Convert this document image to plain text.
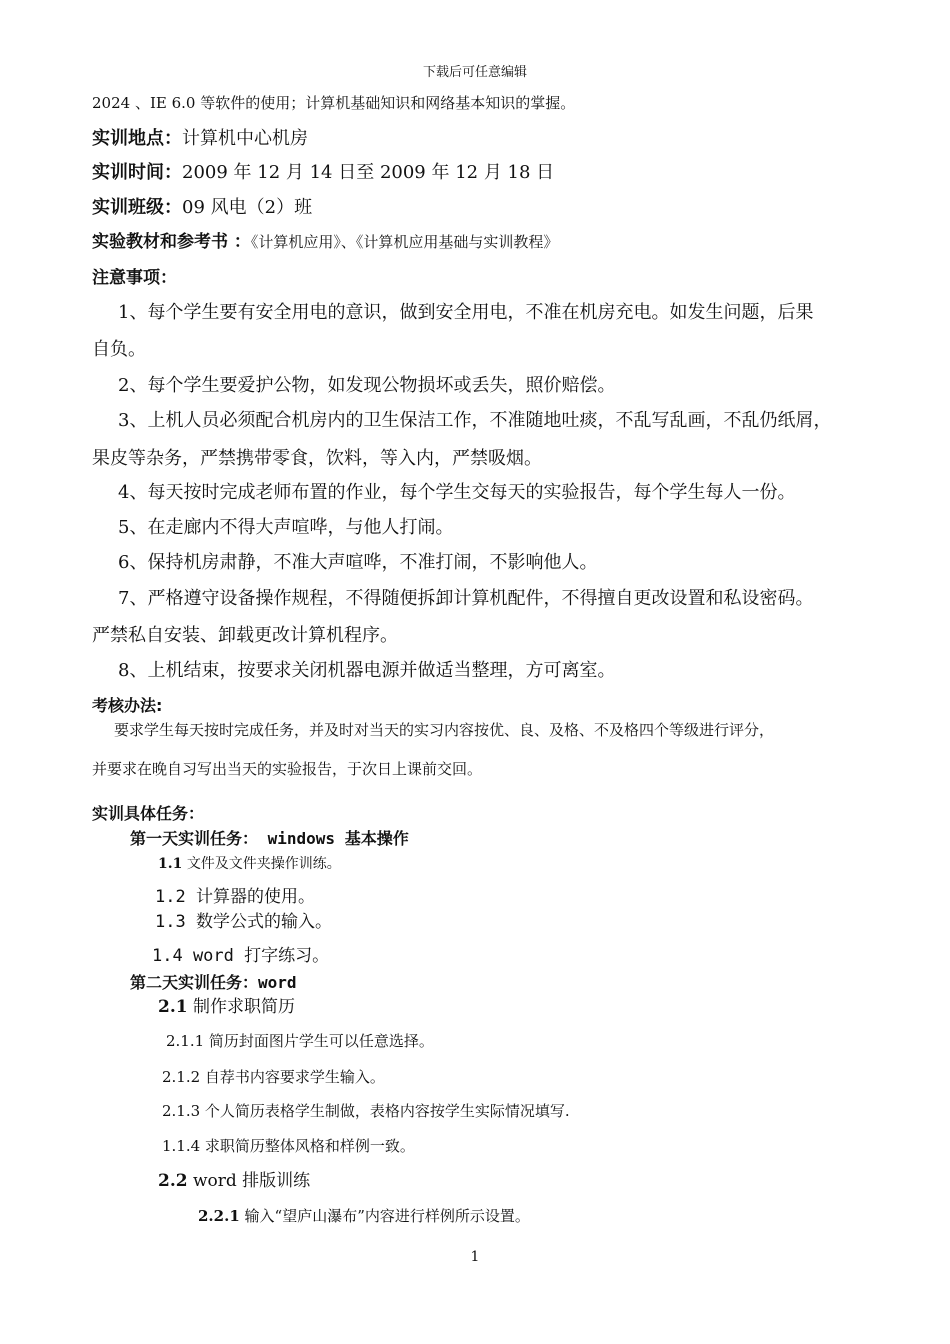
下载后可任意编辑
2024 、IE 6.0 等软件的使用；计算机基础知识和网络基本知识的掌握。
实训地点：计算机中心机房
实训时间：2009 年 12 月 14 日至 2009 年 12 月 18 日
实训班级：09 风电（2）班
实验教材和参考书 ：《计算机应用》、《计算机应用基础与实训教程》
注意事项：
1、每个学生要有安全用电的意识，做到安全用电，不准在机房充电。如发生问题，后果
自负。
2、每个学生要爱护公物，如发现公物损坏或丢失，照价赔偿。
3、上机人员必须配合机房内的卫生保洁工作，不准随地吐痰，不乱写乱画，不乱仍纸屑，
果皮等杂务，严禁携带零食，饮料，等入内，严禁吸烟。
4、每天按时完成老师布置的作业，每个学生交每天的实验报告，每个学生每人一份。
5、在走廊内不得大声喧哗，与他人打闹。
6、保持机房肃静，不准大声喧哗，不准打闹，不影响他人。
7、严格遵守设备操作规程，不得随便拆卸计算机配件，不得擅自更改设置和私设密码。
严禁私自安装、卸载更改计算机程序。
8、上机结束，按要求关闭机器电源并做适当整理，方可离室。
考核办法:
要求学生每天按时完成任务，并及时对当天的实习内容按优、良、及格、不及格四个等级进行评分，
并要求在晚自习写出当天的实验报告，于次日上课前交回。
实训具体任务：
第一天实训任务： windows 基本操作
1.1 文件及文件夹操作训练。
1.2 计算器的使用。
1.3 数学公式的输入。
1.4 word 打字练习。
第二天实训任务：word
2.1 制作求职简历
2.1.1 简历封面图片学生可以任意选择。
2.1.2 自荐书内容要求学生输入。
2.1.3 个人简历表格学生制做，表格内容按学生实际情况填写.
1.1.4 求职简历整体风格和样例一致。
2.2 word 排版训练
2.2.1 输入“望庐山瀑布”内容进行样例所示设置。
1
